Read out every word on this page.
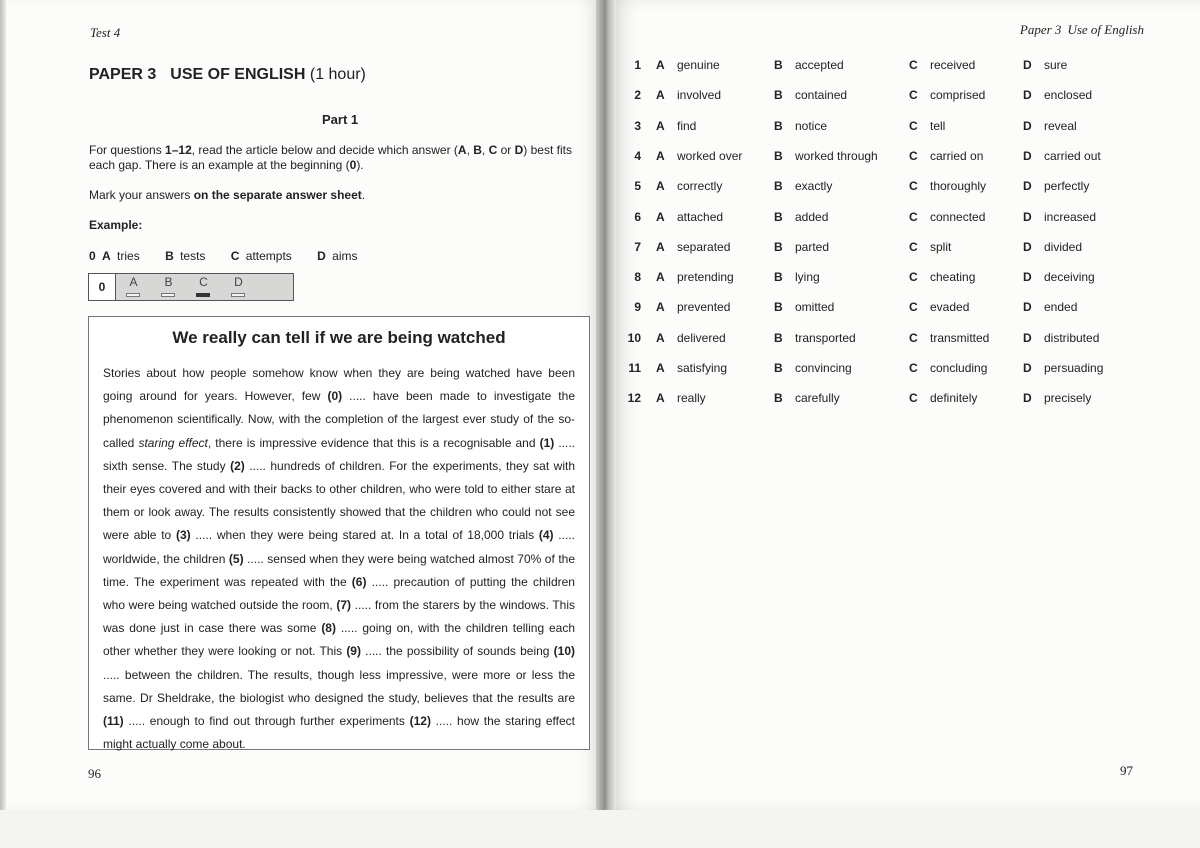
Test 4
PAPER 3 USE OF ENGLISH (1 hour)
Part 1
For questions 1–12, read the article below and decide which answer (A, B, C or D) best fits each gap. There is an example at the beginning (0).
Mark your answers on the separate answer sheet.
Example:
0 A tries B tests C attempts D aims
0	A	B	C	D
We really can tell if we are being watched
Stories about how people somehow know when they are being watched have been going around for years. However, few (0) ..... have been made to investigate the phenomenon scientifically. Now, with the completion of the largest ever study of the so-called staring effect, there is impressive evidence that this is a recognisable and (1) ..... sixth sense. The study (2) ..... hundreds of children. For the experiments, they sat with their eyes covered and with their backs to other children, who were told to either stare at them or look away. The results consistently showed that the children who could not see were able to (3) ..... when they were being stared at. In a total of 18,000 trials (4) ..... worldwide, the children (5) ..... sensed when they were being watched almost 70% of the time. The experiment was repeated with the (6) ..... precaution of putting the children who were being watched outside the room, (7) ..... from the starers by the windows. This was done just in case there was some (8) ..... going on, with the children telling each other whether they were looking or not. This (9) ..... the possibility of sounds being (10) ..... between the children. The results, though less impressive, were more or less the same. Dr Sheldrake, the biologist who designed the study, believes that the results are (11) ..... enough to find out through further experiments (12) ..... how the staring effect might actually come about.
96
Paper 3 Use of English
97
1 A genuine	B accepted	C received	D sure
2 A involved	B contained	C comprised	D enclosed
3 A find	B notice	C tell	D reveal
4 A worked over	B worked through	C carried on	D carried out
5 A correctly	B exactly	C thoroughly	D perfectly
6 A attached	B added	C connected	D increased
7 A separated	B parted	C split	D divided
8 A pretending	B lying	C cheating	D deceiving
9 A prevented	B omitted	C evaded	D ended
10 A delivered	B transported	C transmitted	D distributed
11 A satisfying	B convincing	C concluding	D persuading
12 A really	B carefully	C definitely	D precisely
